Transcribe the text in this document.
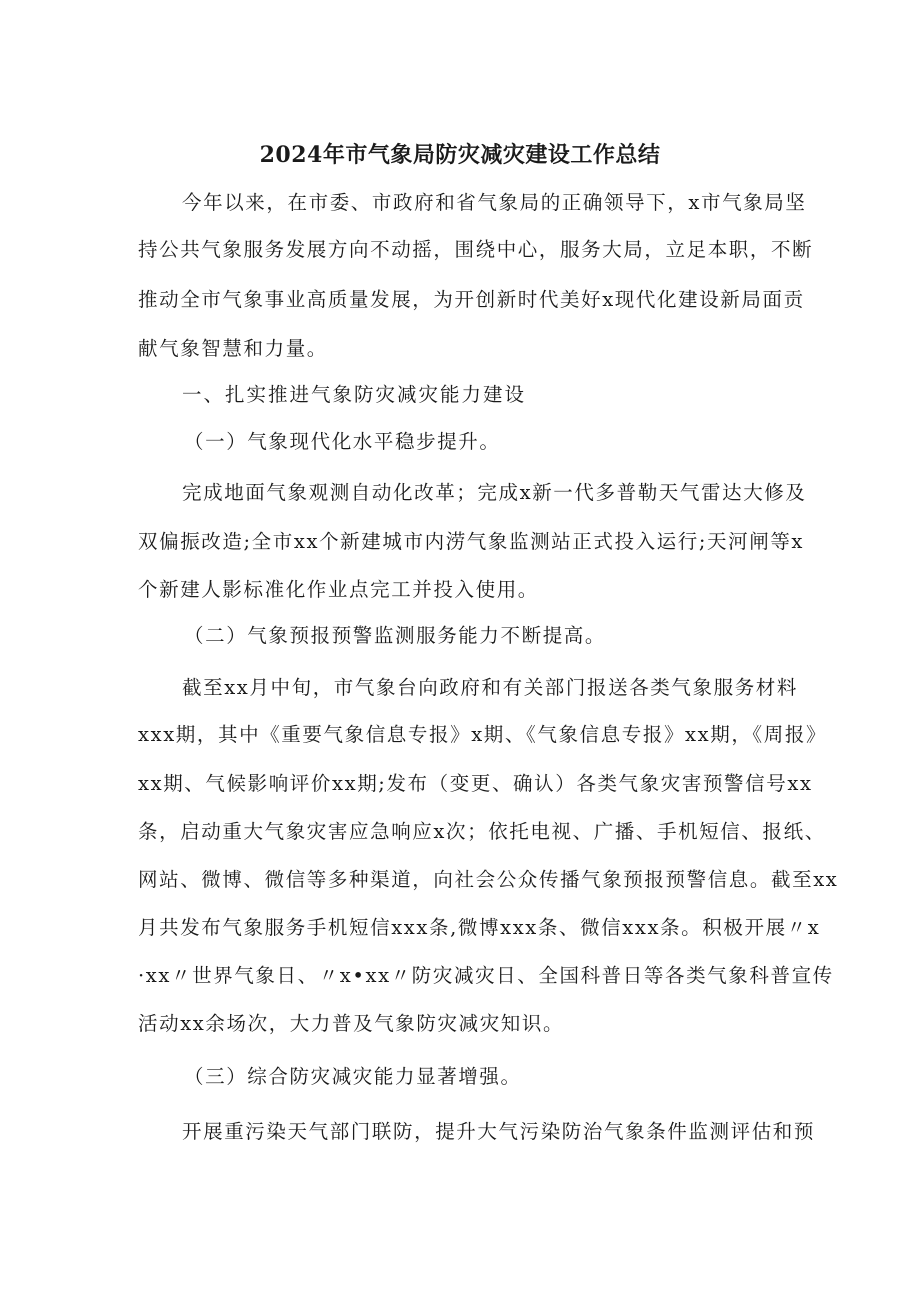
2024年市气象局防灾减灾建设工作总结
今年以来，在市委、市政府和省气象局的正确领导下，x市气象局坚
持公共气象服务发展方向不动摇，围绕中心，服务大局，立足本职，不断
推动全市气象事业高质量发展，为开创新时代美好x现代化建设新局面贡
献气象智慧和力量。
一、扎实推进气象防灾减灾能力建设
（一）气象现代化水平稳步提升。
完成地面气象观测自动化改革；完成x新一代多普勒天气雷达大修及
双偏振改造;全市xx个新建城市内涝气象监测站正式投入运行;天河闸等x
个新建人影标准化作业点完工并投入使用。
（二）气象预报预警监测服务能力不断提高。
截至xx月中旬，市气象台向政府和有关部门报送各类气象服务材料
xxx期，其中《重要气象信息专报》x期、《气象信息专报》xx期，《周报》
xx期、气候影响评价xx期;发布（变更、确认）各类气象灾害预警信号xx
条，启动重大气象灾害应急响应x次；依托电视、广播、手机短信、报纸、
网站、微博、微信等多种渠道，向社会公众传播气象预报预警信息。截至xx
月共发布气象服务手机短信xxx条,微博xxx条、微信xxx条。积极开展〃x
·xx〃世界气象日、〃x•xx〃防灾减灾日、全国科普日等各类气象科普宣传
活动xx余场次，大力普及气象防灾减灾知识。
（三）综合防灾减灾能力显著增强。
开展重污染天气部门联防，提升大气污染防治气象条件监测评估和预
